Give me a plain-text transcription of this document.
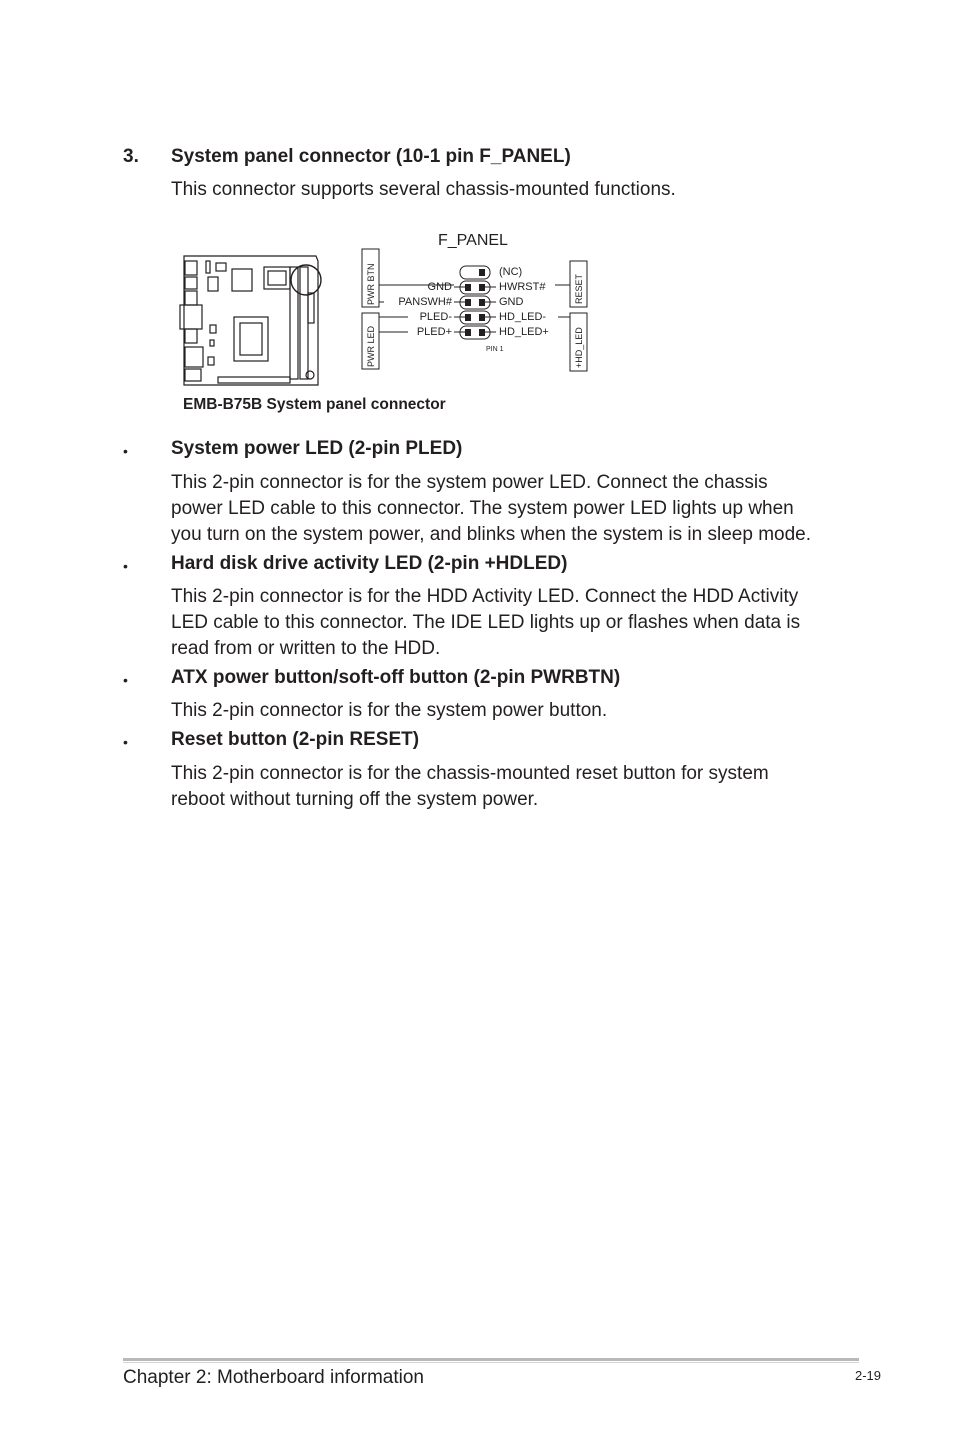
3. System panel connector (10-1 pin F_PANEL)
This connector supports several chassis-mounted functions.
F_PANEL
PWR BTN
PWR LED
RESET
+HD_LED
GND
PANSWH#
PLED-
PLED+
(NC)
HWRST#
GND
HD_LED-
HD_LED+
PIN 1
EMB-B75B System panel connector
• System power LED (2-pin PLED)
This 2-pin connector is for the system power LED. Connect the chassis
power LED cable to this connector. The system power LED lights up when
you turn on the system power, and blinks when the system is in sleep mode.
• Hard disk drive activity LED (2-pin +HDLED)
This 2-pin connector is for the HDD Activity LED. Connect the HDD Activity
LED cable to this connector. The IDE LED lights up or flashes when data is
read from or written to the HDD.
• ATX power button/soft-off button (2-pin PWRBTN)
This 2-pin connector is for the system power button.
• Reset button (2-pin RESET)
This 2-pin connector is for the chassis-mounted reset button for system
reboot without turning off the system power.
Chapter 2: Motherboard information	2-19
